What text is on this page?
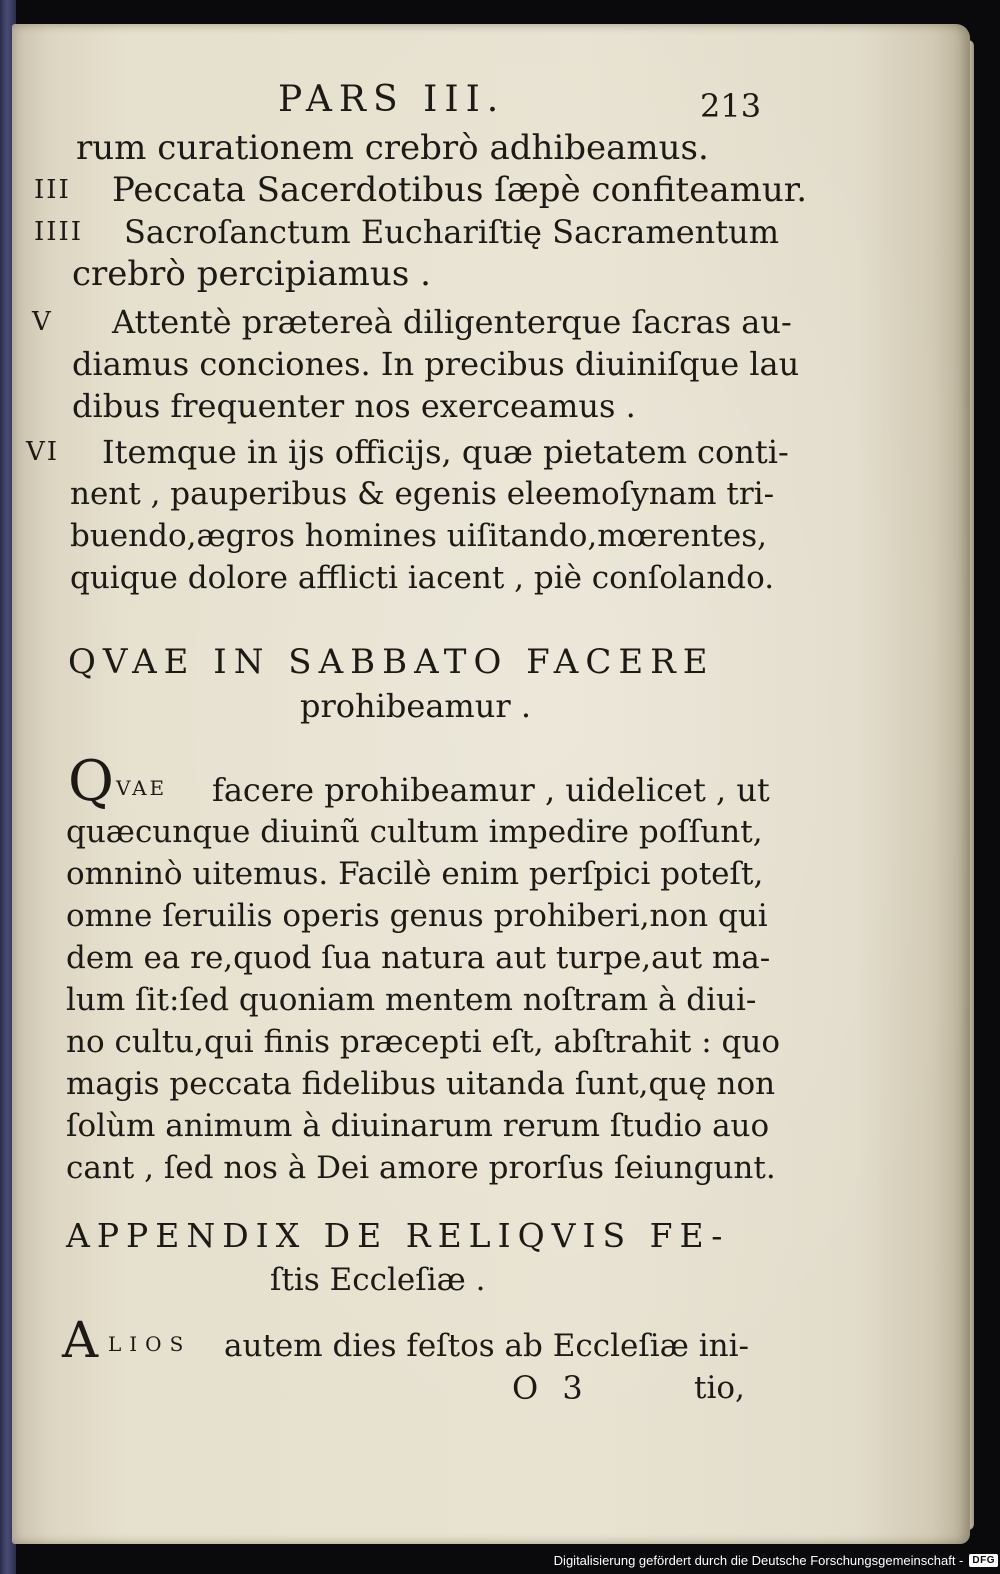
PARS III.	213
rum curationem crebrò adhibeamus.
III Peccata Sacerdotibus ſæpè confiteamur.
IIII Sacroſanctum Euchariſtię Sacramentum
crebrò percipiamus .
V Attentè prætereà diligenterque ſacras au-
diamus conciones. In precibus diuiniſque lau
dibus frequenter nos exerceamus .
VI Itemque in ijs officijs, quæ pietatem conti-
nent , pauperibus & egenis eleemoſynam tri-
buendo,ægros homines uiſitando,mœrentes,
quique dolore afflicti iacent , piè conſolando.
QVAE IN SABBATO FACERE
prohibeamur .
Q VAE facere prohibeamur , uidelicet , ut
quæcunque diuinũ cultum impedire poſſunt,
omninò uitemus. Facilè enim perſpici poteſt,
omne ſeruilis operis genus prohiberi,non qui
dem ea re,quod ſua natura aut turpe,aut ma-
lum ſit:ſed quoniam mentem noſtram à diui-
no cultu,qui finis præcepti eſt, abſtrahit : quo
magis peccata fidelibus uitanda ſunt,quę non
ſolùm animum à diuinarum rerum ſtudio auo
cant , ſed nos à Dei amore prorſus ſeiungunt.
APPENDIX DE RELIQVIS FE-
ſtis Eccleſiæ .
A LIOS autem dies feſtos ab Eccleſiæ ini-
O 3	tio,
Digitalisierung gefördert durch die Deutsche Forschungsgemeinschaft - DFG
